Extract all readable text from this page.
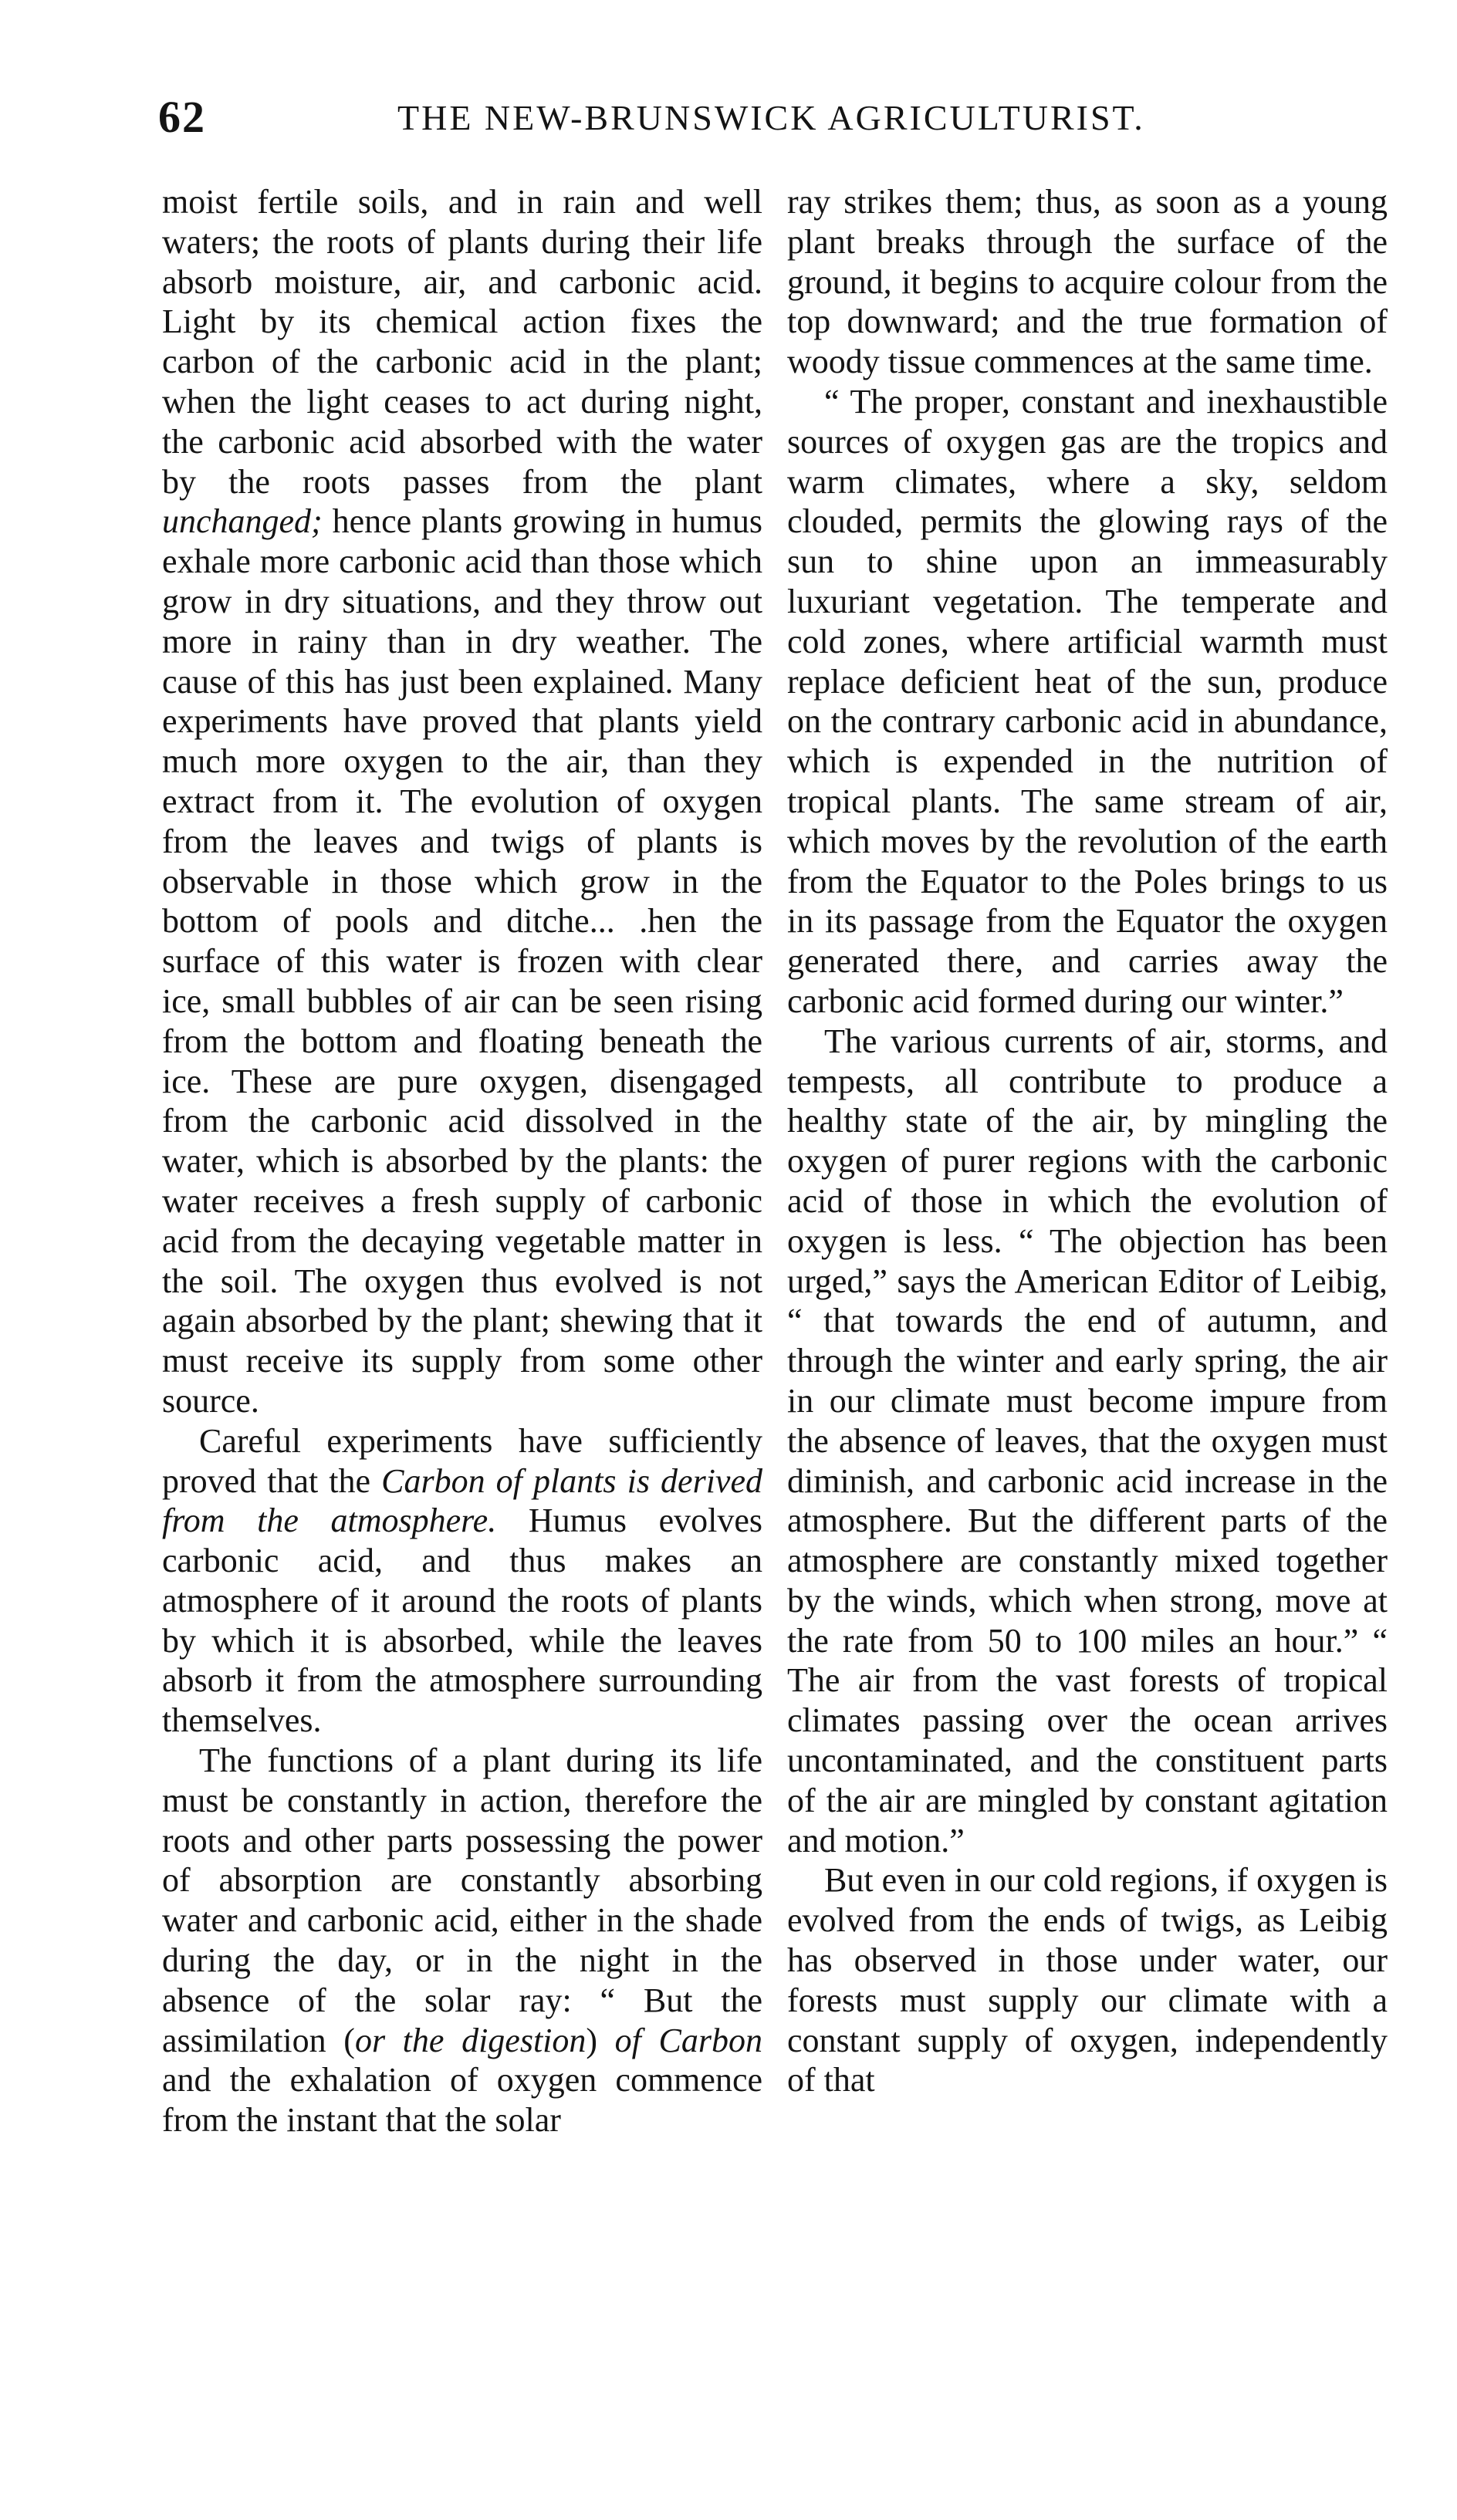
62	THE NEW-BRUNSWICK AGRICULTURIST.

moist fertile soils, and in rain and well waters; the roots of plants during their life absorb moisture, air, and carbonic acid. Light by its chemical action fixes the carbon of the carbonic acid in the plant; when the light ceases to act during night, the carbonic acid absorbed with the water by the roots passes from the plant unchanged; hence plants growing in humus exhale more carbonic acid than those which grow in dry situations, and they throw out more in rainy than in dry weather. The cause of this has just been explained. Many experiments have proved that plants yield much more oxygen to the air, than they extract from it. The evolution of oxygen from the leaves and twigs of plants is observable in those which grow in the bottom of pools and ditche... .hen the surface of this water is frozen with clear ice, small bubbles of air can be seen rising from the bottom and floating beneath the ice. These are pure oxygen, disengaged from the carbonic acid dissolved in the water, which is absorbed by the plants: the water receives a fresh supply of carbonic acid from the decaying vegetable matter in the soil. The oxygen thus evolved is not again absorbed by the plant; shewing that it must receive its supply from some other source.

Careful experiments have sufficiently proved that the Carbon of plants is derived from the atmosphere. Humus evolves carbonic acid, and thus makes an atmosphere of it around the roots of plants by which it is absorbed, while the leaves absorb it from the atmosphere surrounding themselves.

The functions of a plant during its life must be constantly in action, therefore the roots and other parts possessing the power of absorption are constantly absorbing water and carbonic acid, either in the shade during the day, or in the night in the absence of the solar ray: “ But the assimilation (or the digestion) of Carbon and the exhalation of oxygen commence from the instant that the solar

ray strikes them; thus, as soon as a young plant breaks through the surface of the ground, it begins to acquire colour from the top downward; and the true formation of woody tissue commences at the same time.

“ The proper, constant and inexhaustible sources of oxygen gas are the tropics and warm climates, where a sky, seldom clouded, permits the glowing rays of the sun to shine upon an immeasurably luxuriant vegetation. The temperate and cold zones, where artificial warmth must replace deficient heat of the sun, produce on the contrary carbonic acid in abundance, which is expended in the nutrition of tropical plants. The same stream of air, which moves by the revolution of the earth from the Equator to the Poles brings to us in its passage from the Equator the oxygen generated there, and carries away the carbonic acid formed during our winter.”

The various currents of air, storms, and tempests, all contribute to produce a healthy state of the air, by mingling the oxygen of purer regions with the carbonic acid of those in which the evolution of oxygen is less. “ The objection has been urged,” says the American Editor of Leibig, “ that towards the end of autumn, and through the winter and early spring, the air in our climate must become impure from the absence of leaves, that the oxygen must diminish, and carbonic acid increase in the atmosphere. But the different parts of the atmosphere are constantly mixed together by the winds, which when strong, move at the rate from 50 to 100 miles an hour.” “ The air from the vast forests of tropical climates passing over the ocean arrives uncontaminated, and the constituent parts of the air are mingled by constant agitation and motion.”

But even in our cold regions, if oxygen is evolved from the ends of twigs, as Leibig has observed in those under water, our forests must supply our climate with a constant supply of oxygen, independently of that
